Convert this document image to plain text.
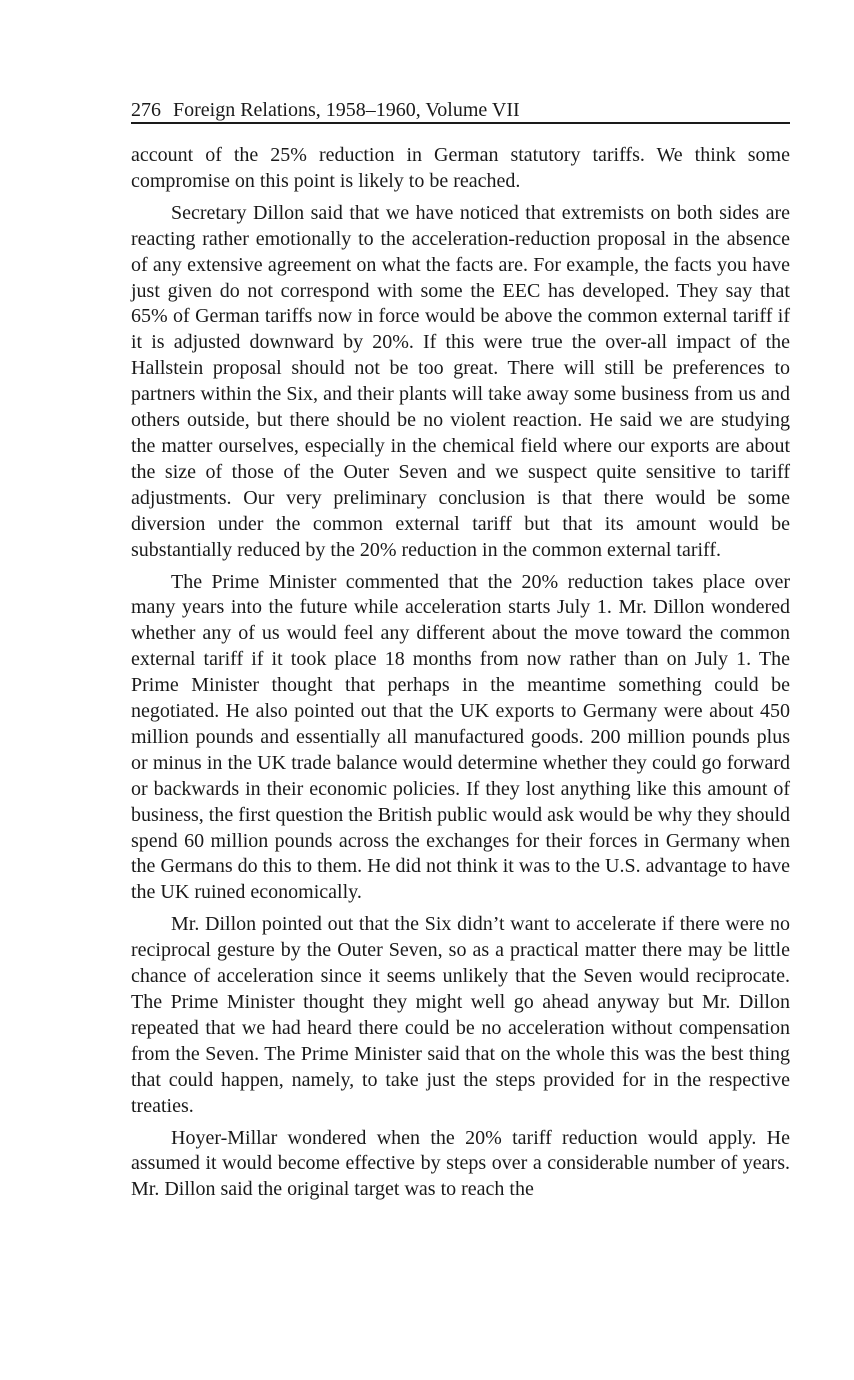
276 Foreign Relations, 1958–1960, Volume VII

account of the 25% reduction in German statutory tariffs. We think some compromise on this point is likely to be reached.

Secretary Dillon said that we have noticed that extremists on both sides are reacting rather emotionally to the acceleration-reduction proposal in the absence of any extensive agreement on what the facts are. For example, the facts you have just given do not correspond with some the EEC has developed. They say that 65% of German tariffs now in force would be above the common external tariff if it is adjusted downward by 20%. If this were true the over-all impact of the Hallstein proposal should not be too great. There will still be preferences to partners within the Six, and their plants will take away some business from us and others outside, but there should be no violent reaction. He said we are studying the matter ourselves, especially in the chemical field where our exports are about the size of those of the Outer Seven and we suspect quite sensitive to tariff adjustments. Our very preliminary conclusion is that there would be some diversion under the common external tariff but that its amount would be substantially reduced by the 20% reduction in the common external tariff.

The Prime Minister commented that the 20% reduction takes place over many years into the future while acceleration starts July 1. Mr. Dillon wondered whether any of us would feel any different about the move toward the common external tariff if it took place 18 months from now rather than on July 1. The Prime Minister thought that perhaps in the meantime something could be negotiated. He also pointed out that the UK exports to Germany were about 450 million pounds and essentially all manufactured goods. 200 million pounds plus or minus in the UK trade balance would determine whether they could go forward or backwards in their economic policies. If they lost anything like this amount of business, the first question the British public would ask would be why they should spend 60 million pounds across the exchanges for their forces in Germany when the Germans do this to them. He did not think it was to the U.S. advantage to have the UK ruined economically.

Mr. Dillon pointed out that the Six didn’t want to accelerate if there were no reciprocal gesture by the Outer Seven, so as a practical matter there may be little chance of acceleration since it seems unlikely that the Seven would reciprocate. The Prime Minister thought they might well go ahead anyway but Mr. Dillon repeated that we had heard there could be no acceleration without compensation from the Seven. The Prime Minister said that on the whole this was the best thing that could happen, namely, to take just the steps provided for in the respective treaties.

Hoyer-Millar wondered when the 20% tariff reduction would apply. He assumed it would become effective by steps over a considerable number of years. Mr. Dillon said the original target was to reach the
